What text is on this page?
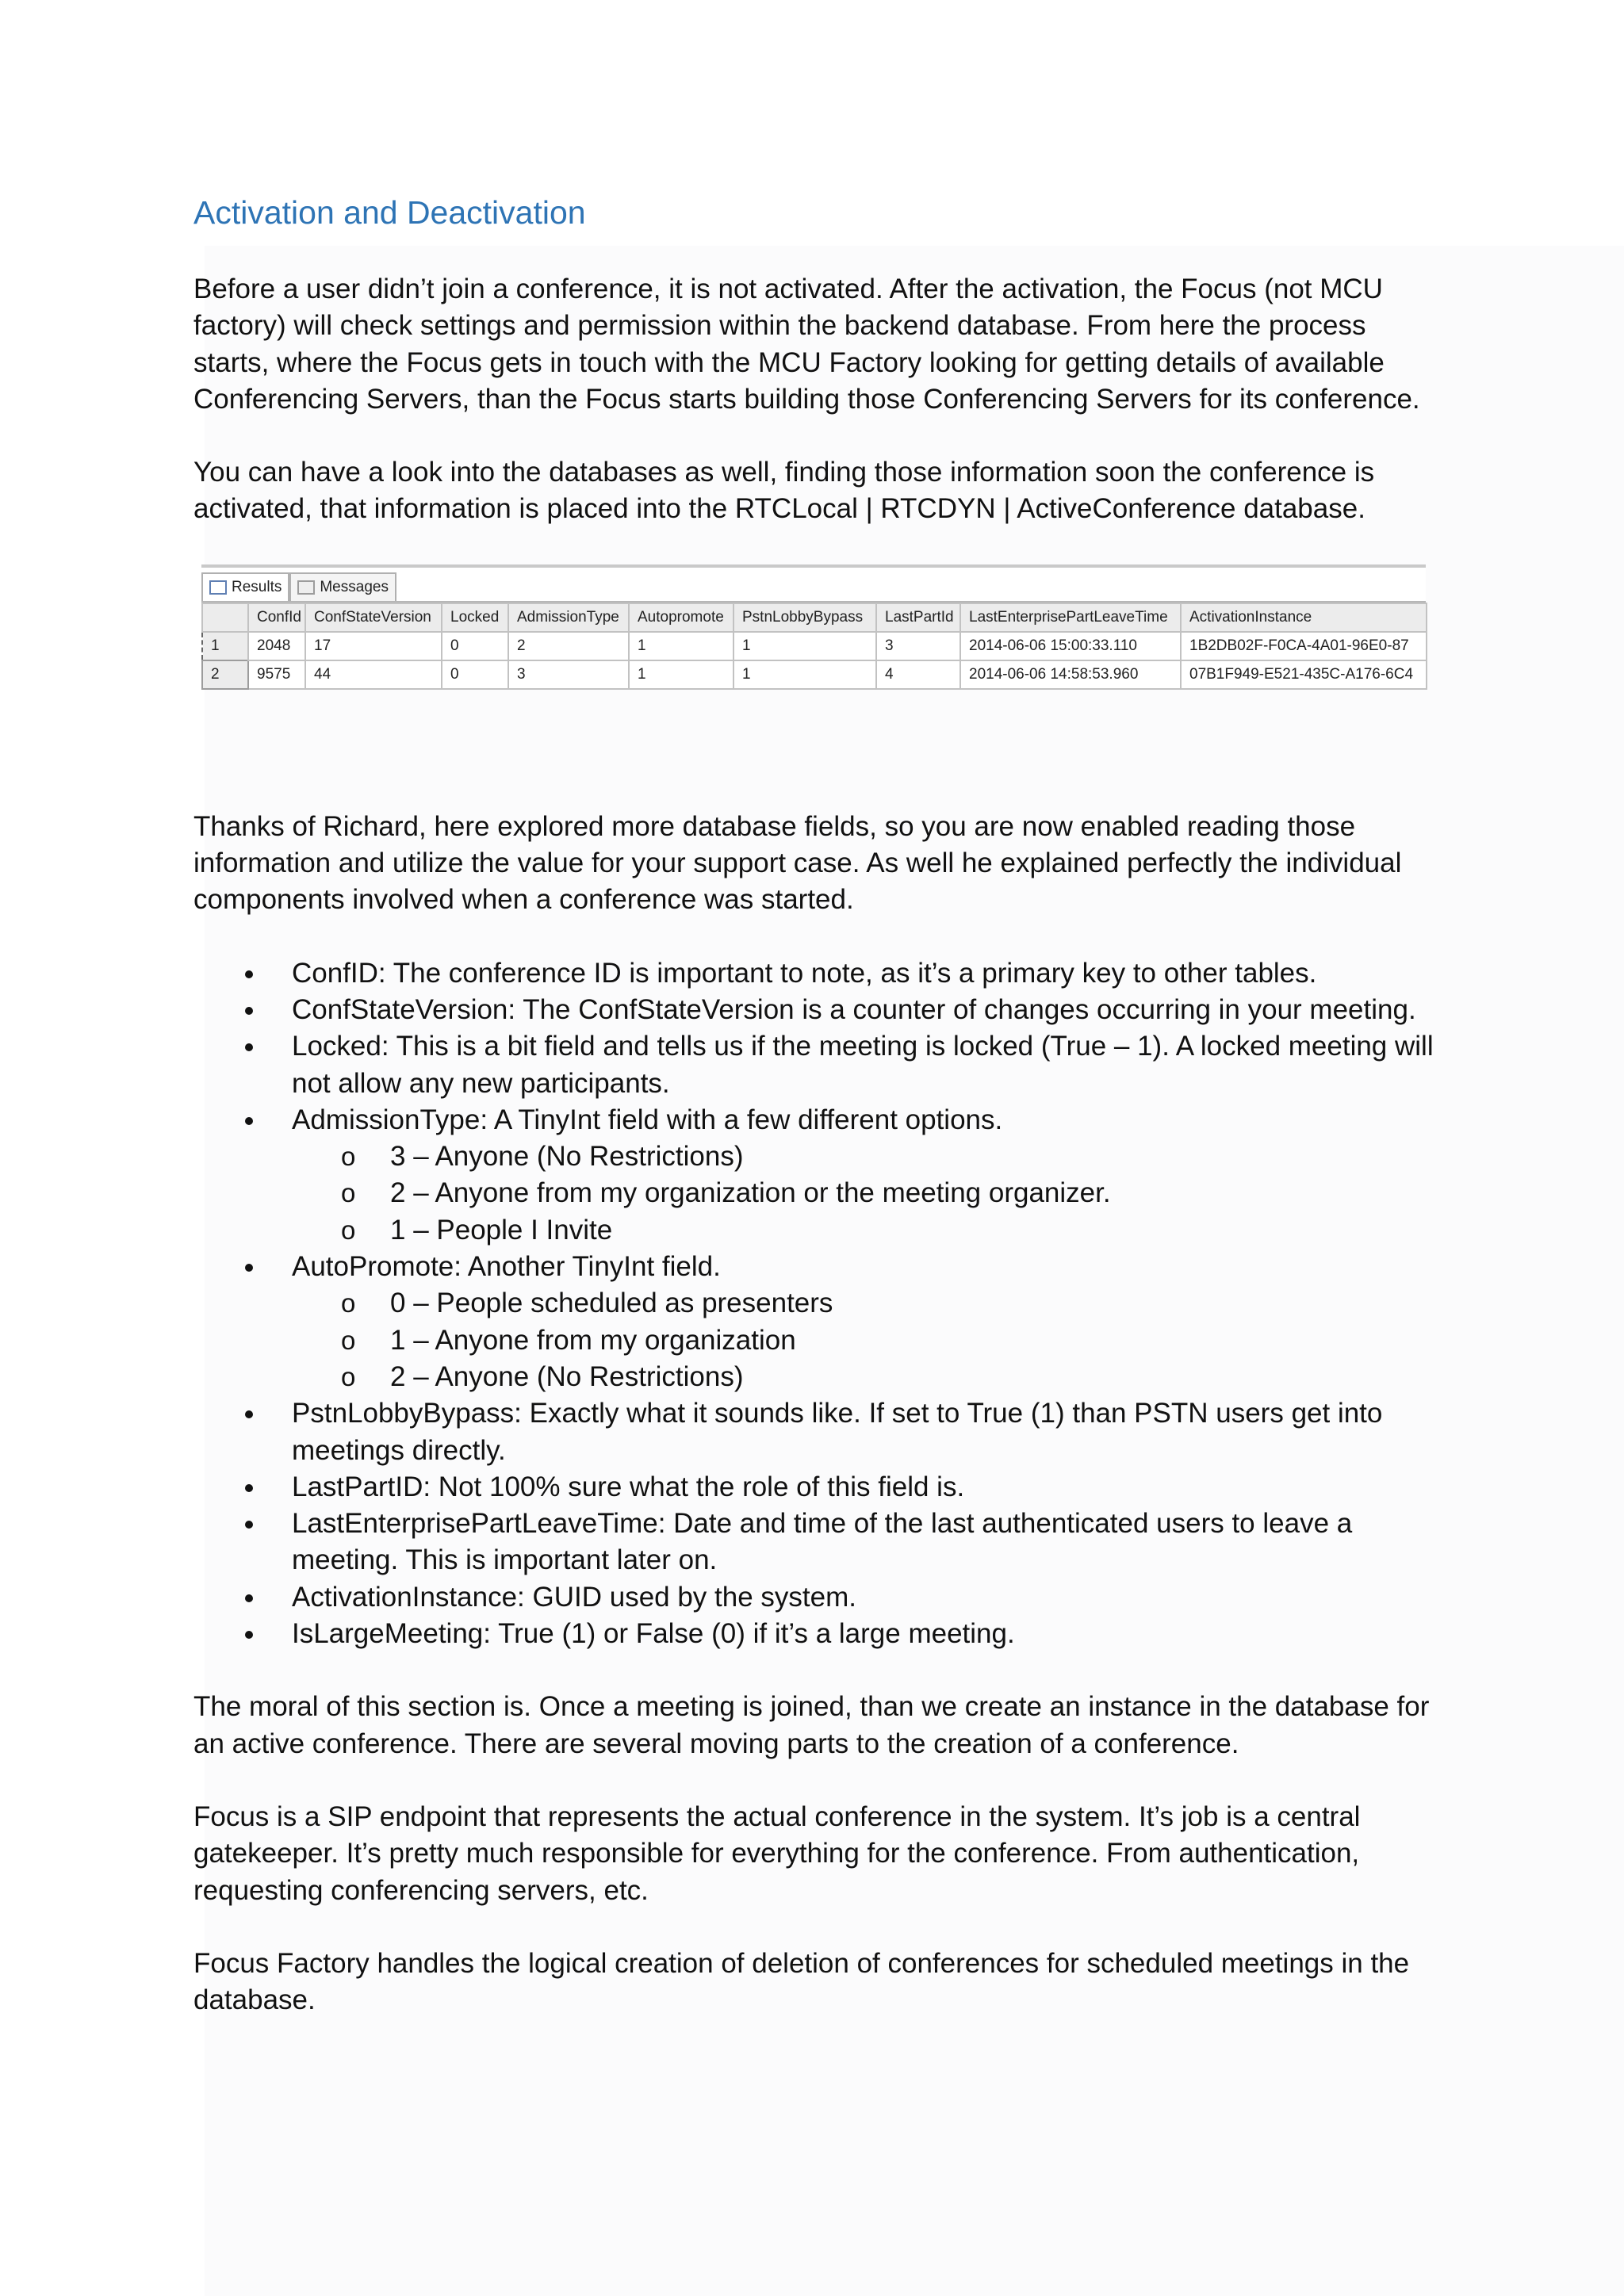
Activation and Deactivation

Before a user didn’t join a conference, it is not activated. After the activation, the Focus (not MCU factory) will check settings and permission within the backend database. From here the process starts, where the Focus gets in touch with the MCU Factory looking for getting details of available Conferencing Servers, than the Focus starts building those Conferencing Servers for its conference.

You can have a look into the databases as well, finding those information soon the conference is activated, that information is placed into the RTCLocal | RTCDYN | ActiveConference database.

Results	Messages
	ConfId	ConfStateVersion	Locked	AdmissionType	Autopromote	PstnLobbyBypass	LastPartId	LastEnterprisePartLeaveTime	ActivationInstance
1	2048	17	0	2	1	1	3	2014-06-06 15:00:33.110	1B2DB02F-F0CA-4A01-96E0-87
2	9575	44	0	3	1	1	4	2014-06-06 14:58:53.960	07B1F949-E521-435C-A176-6C4

Thanks of Richard, here explored more database fields, so you are now enabled reading those information and utilize the value for your support case. As well he explained perfectly the individual components involved when a conference was started.

ConfID: The conference ID is important to note, as it’s a primary key to other tables.
ConfStateVersion: The ConfStateVersion is a counter of changes occurring in your meeting.
Locked: This is a bit field and tells us if the meeting is locked (True – 1). A locked meeting will not allow any new participants.
AdmissionType: A TinyInt field with a few different options.
o 3 – Anyone (No Restrictions)
o 2 – Anyone from my organization or the meeting organizer.
o 1 – People I Invite
AutoPromote: Another TinyInt field.
o 0 – People scheduled as presenters
o 1 – Anyone from my organization
o 2 – Anyone (No Restrictions)
PstnLobbyBypass: Exactly what it sounds like. If set to True (1) than PSTN users get into meetings directly.
LastPartID: Not 100% sure what the role of this field is.
LastEnterprisePartLeaveTime: Date and time of the last authenticated users to leave a meeting. This is important later on.
ActivationInstance: GUID used by the system.
IsLargeMeeting: True (1) or False (0) if it’s a large meeting.

The moral of this section is. Once a meeting is joined, than we create an instance in the database for an active conference. There are several moving parts to the creation of a conference.

Focus is a SIP endpoint that represents the actual conference in the system. It’s job is a central gatekeeper. It’s pretty much responsible for everything for the conference. From authentication, requesting conferencing servers, etc.

Focus Factory handles the logical creation of deletion of conferences for scheduled meetings in the database.
